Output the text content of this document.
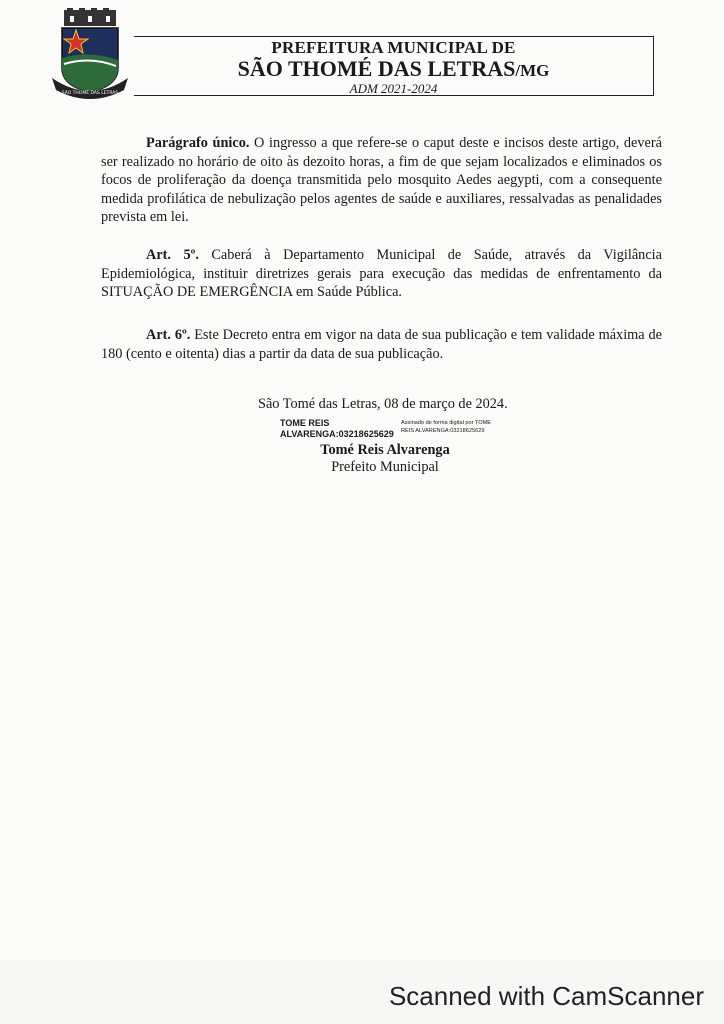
SÃO THOMÉ DAS LETRAS
PREFEITURA MUNICIPAL DE
SÃO THOMÉ DAS LETRAS/MG
ADM 2021-2024
Parágrafo único. O ingresso a que refere-se o caput deste e incisos deste artigo, deverá ser realizado no horário de oito às dezoito horas, a fim de que sejam localizados e eliminados os focos de proliferação da doença transmitida pelo mosquito Aedes aegypti, com a consequente medida profilática de nebulização pelos agentes de saúde e auxiliares, ressalvadas as penalidades prevista em lei.
Art. 5º. Caberá à Departamento Municipal de Saúde, através da Vigilância Epidemiológica, instituir diretrizes gerais para execução das medidas de enfrentamento da SITUAÇÃO DE EMERGÊNCIA em Saúde Pública.
Art. 6º. Este Decreto entra em vigor na data de sua publicação e tem validade máxima de 180 (cento e oitenta) dias a partir da data de sua publicação.
São Tomé das Letras, 08 de março de 2024.
TOME REIS
ALVARENGA:03218625629
Assinado de forma digital por TOME
REIS ALVARENGA:03218625629
Tomé Reis Alvarenga
Prefeito Municipal
Scanned with CamScanner
